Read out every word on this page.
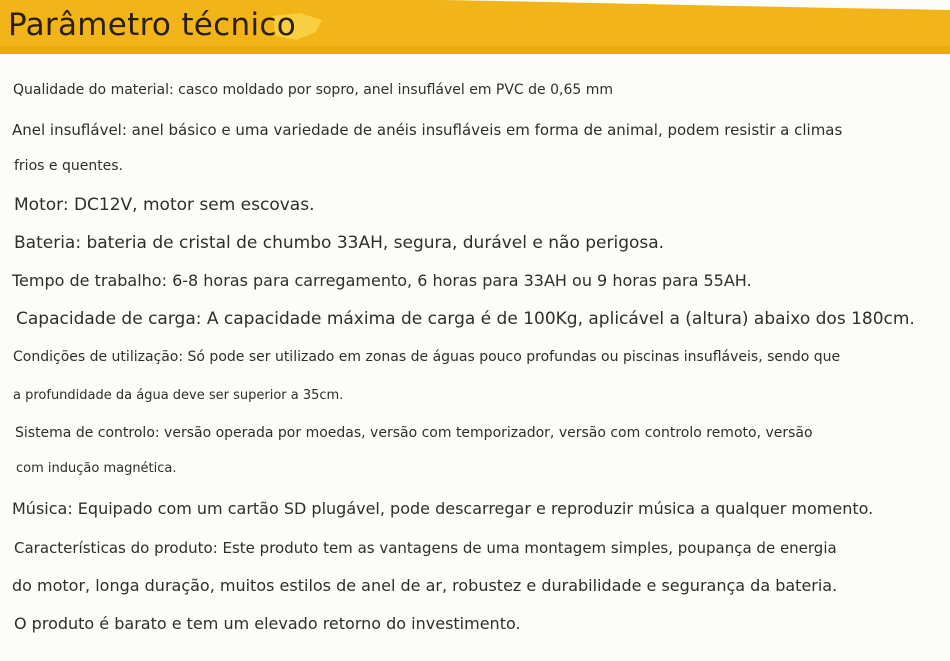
Parâmetro técnico
Qualidade do material: casco moldado por sopro, anel insuflável em PVC de 0,65 mm
Anel insuflável: anel básico e uma variedade de anéis insufláveis em forma de animal, podem resistir a climas
frios e quentes.
Motor: DC12V, motor sem escovas.
Bateria: bateria de cristal de chumbo 33AH, segura, durável e não perigosa.
Tempo de trabalho: 6-8 horas para carregamento, 6 horas para 33AH ou 9 horas para 55AH.
Capacidade de carga: A capacidade máxima de carga é de 100Kg, aplicável a (altura) abaixo dos 180cm.
Condições de utilização: Só pode ser utilizado em zonas de águas pouco profundas ou piscinas insufláveis, sendo que
a profundidade da água deve ser superior a 35cm.
Sistema de controlo: versão operada por moedas, versão com temporizador, versão com controlo remoto, versão
com indução magnética.
Música: Equipado com um cartão SD plugável, pode descarregar e reproduzir música a qualquer momento.
Características do produto: Este produto tem as vantagens de uma montagem simples, poupança de energia
do motor, longa duração, muitos estilos de anel de ar, robustez e durabilidade e segurança da bateria.
O produto é barato e tem um elevado retorno do investimento.
